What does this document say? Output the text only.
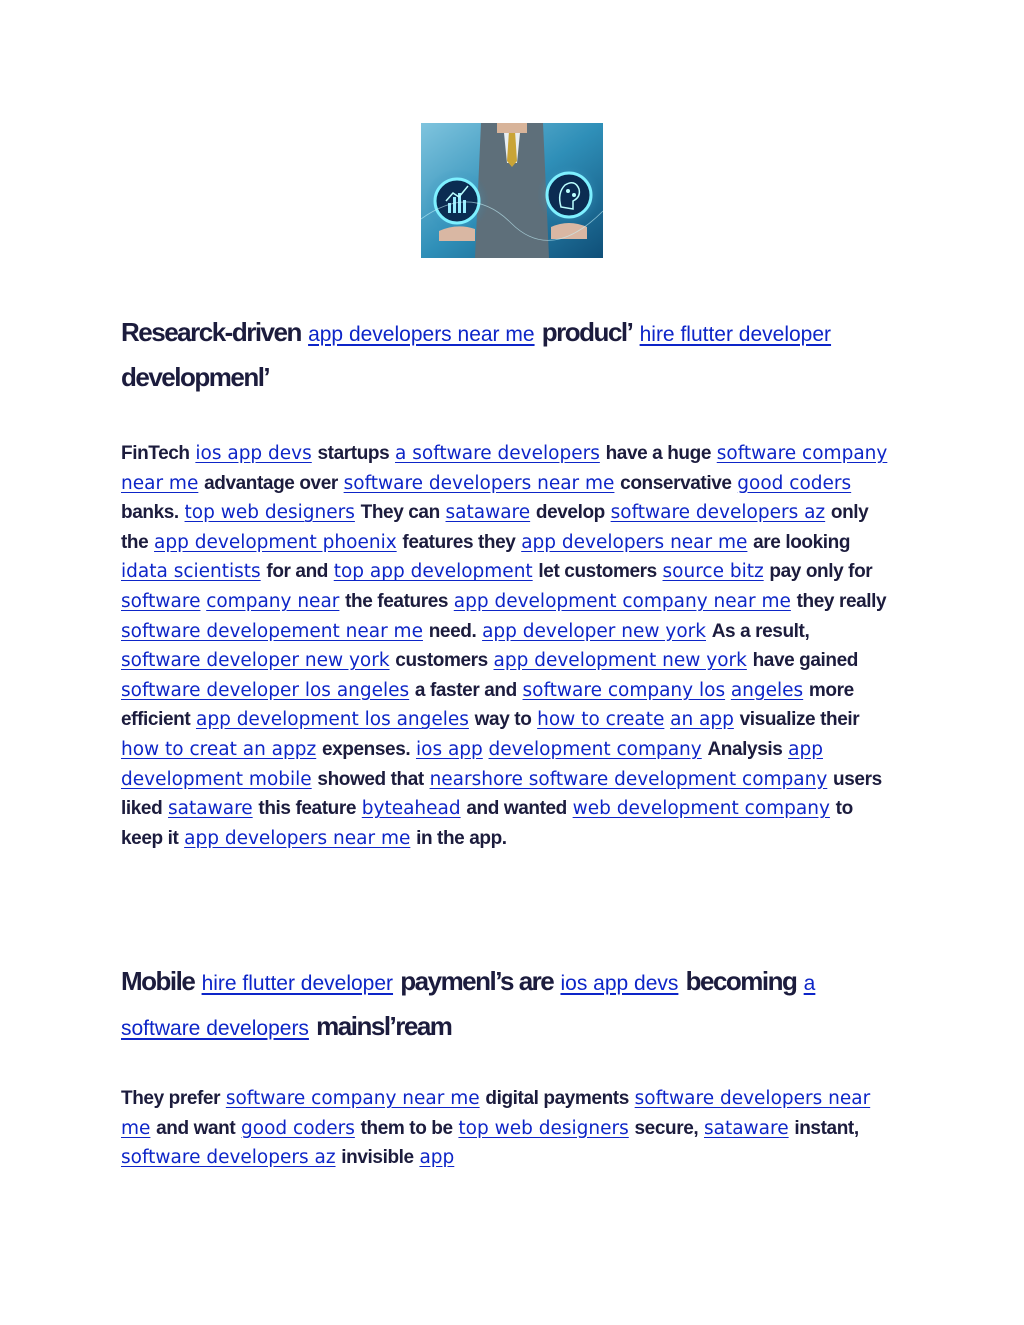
Researck-driven app developers near me producl’ hire flutter developer developmenl’
FinTech ios app devs startups a software developers have a huge software company near me advantage over software developers near me conservative good coders banks. top web designers They can sataware develop software developers az only the app development phoenix features they app developers near me are looking idata scientists for and top app development let customers source bitz pay only for software company near the features app development company near me they really software developement near me need. app developer new york As a result, software developer new york customers app development new york have gained software developer los angeles a faster and software company los angeles more efficient app development los angeles way to how to create an app visualize their how to creat an appz expenses. ios app development company Analysis app development mobile showed that nearshore software development company users liked sataware this feature byteahead and wanted web development company to keep it app developers near me in the app.
Mobile hire flutter developer paymenl’s are ios app devs becoming a software developers mainsl’ream
They prefer software company near me digital payments software developers near me and want good coders them to be top web designers secure, sataware instant, software developers az invisible app
